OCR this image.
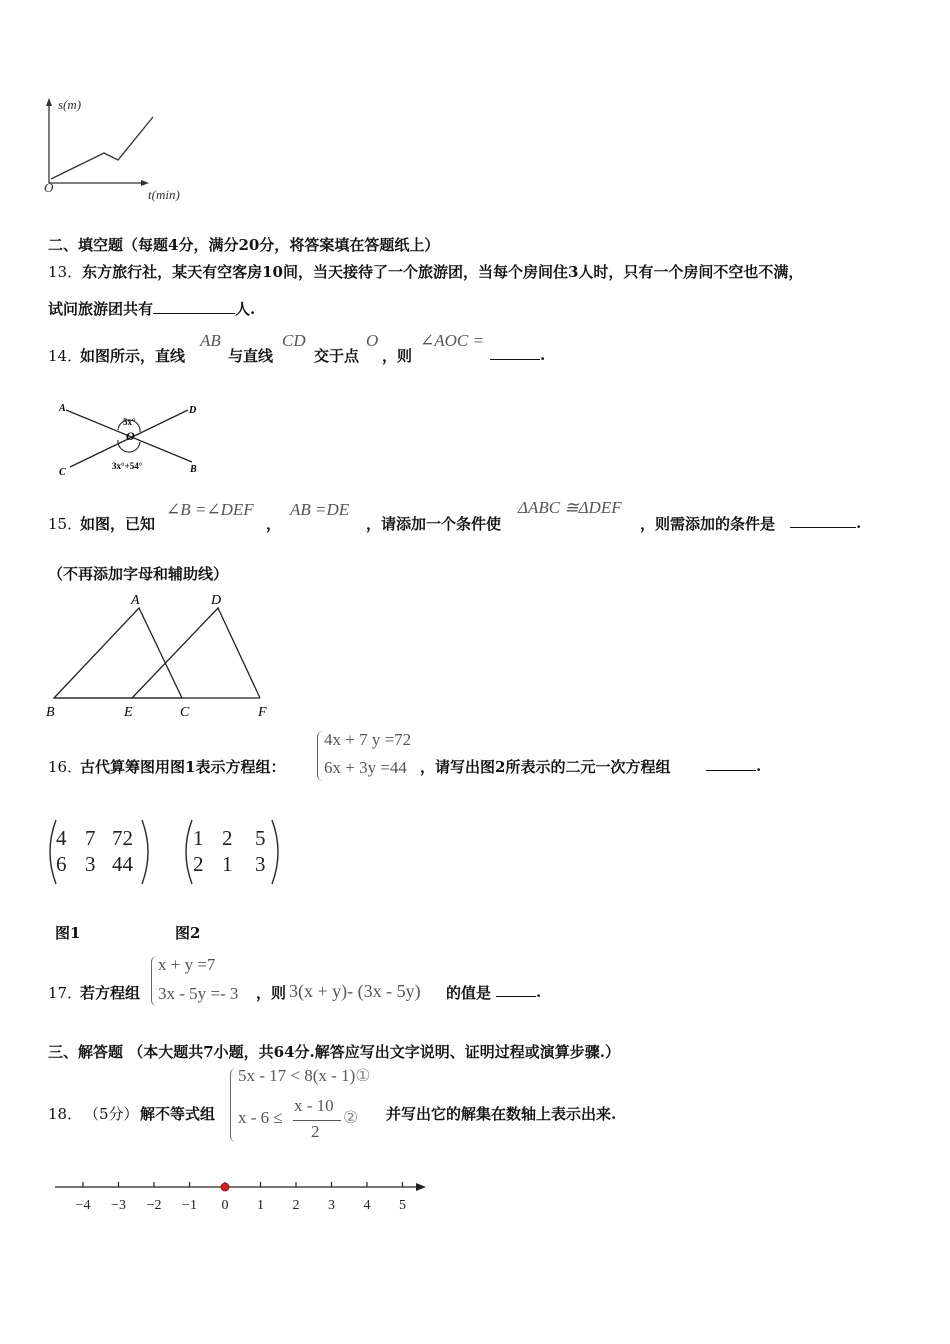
s(m)
t(min)
O
二、填空题（每题4分，满分20分，将答案填在答题纸上）
13．东方旅行社，某天有空客房10间，当天接待了一个旅游团，当每个房间住3人时，只有一个房间不空也不满，
试问旅游团共有	人.
14．
如图所示，直线
AB
与直线
CD
交于点
O
，则
∠AOC =
.
A	D
C	B
O
5x°
3x°+54°
15．
如图，已知
∠B =∠DEF
，
AB =DE
，请添加一个条件使
ΔABC ≅ΔDEF
，则需添加的条件是	.
（不再添加字母和辅助线）
A	D
B	E	C	F
16．
古代算筹图用图1表示方程组：
4x + 7 y =72
6x + 3y =44 ，请写出图2所表示的二元一次方程组	.
4 7 72
6 3 44
1 2 5
2 1 3
图1	图2
17．
若方程组
x + y =7
3x - 5y =- 3 ，则 3(x + y)- (3x - 5y) 的值是	.
三、解答题 （本大题共7小题，共64分.解答应写出文字说明、证明过程或演算步骤.）
18． （5分） 解不等式组
5x - 17 < 8(x - 1)①
x - 6 ≤
x - 10
2
② 并写出它的解集在数轴上表示出来.
−4 −3 −2 −1 0 1 2 3 4 5
